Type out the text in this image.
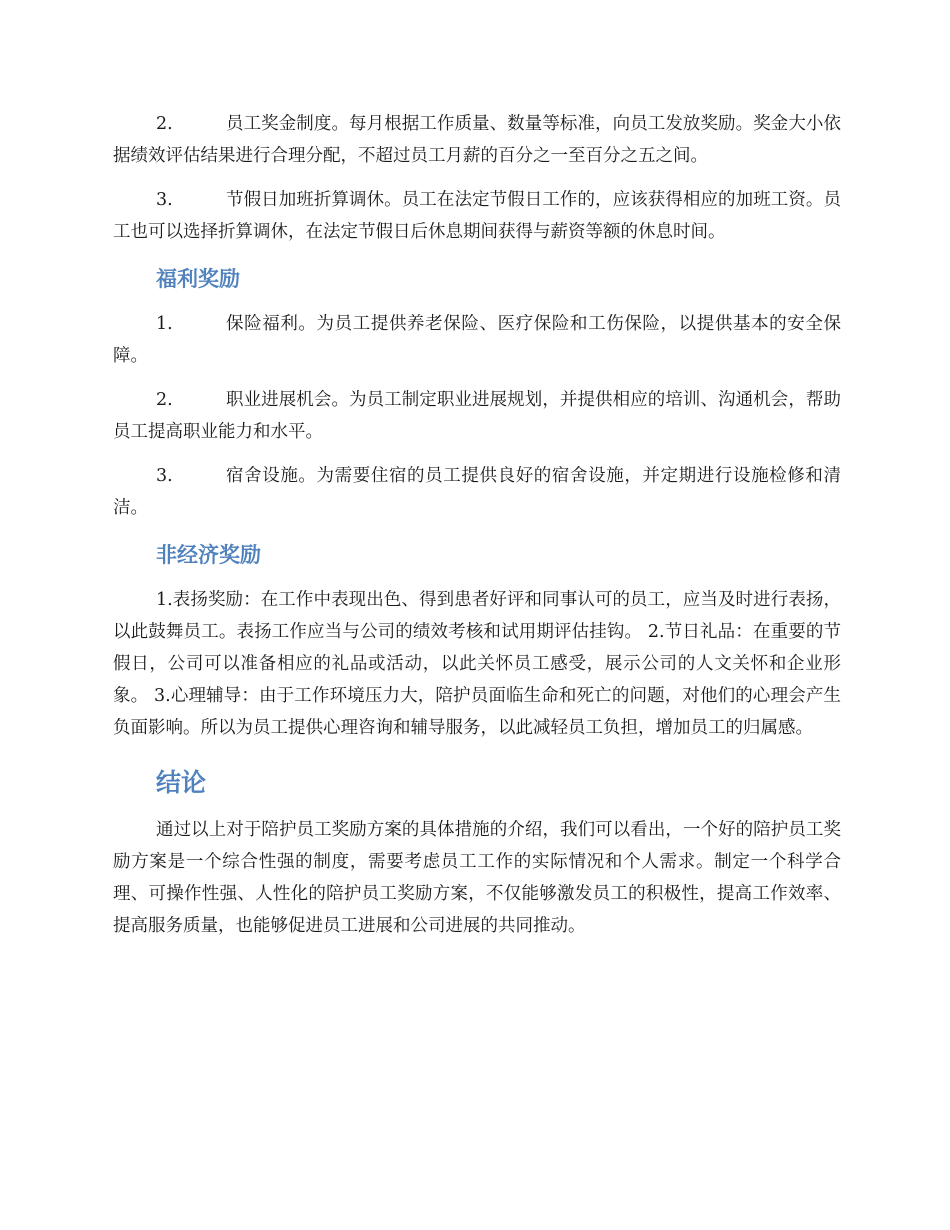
2.	员工奖金制度。每月根据工作质量、数量等标准，向员工发放奖励。奖金大小依据绩效评估结果进行合理分配，不超过员工月薪的百分之一至百分之五之间。
3.	节假日加班折算调休。员工在法定节假日工作的，应该获得相应的加班工资。员工也可以选择折算调休，在法定节假日后休息期间获得与薪资等额的休息时间。
福利奖励
1.	保险福利。为员工提供养老保险、医疗保险和工伤保险，以提供基本的安全保障。
2.	职业进展机会。为员工制定职业进展规划，并提供相应的培训、沟通机会，帮助员工提高职业能力和水平。
3.	宿舍设施。为需要住宿的员工提供良好的宿舍设施，并定期进行设施检修和清洁。
非经济奖励

1.表扬奖励：在工作中表现出色、得到患者好评和同事认可的员工，应当及时进行表扬，以此鼓舞员工。表扬工作应当与公司的绩效考核和试用期评估挂钩。 2.节日礼品：在重要的节假日，公司可以准备相应的礼品或活动，以此关怀员工感受，展示公司的人文关怀和企业形象。 3.心理辅导：由于工作环境压力大，陪护员面临生命和死亡的问题，对他们的心理会产生负面影响。所以为员工提供心理咨询和辅导服务，以此减轻员工负担，增加员工的归属感。

结论

通过以上对于陪护员工奖励方案的具体措施的介绍，我们可以看出，一个好的陪护员工奖励方案是一个综合性强的制度，需要考虑员工工作的实际情况和个人需求。制定一个科学合理、可操作性强、人性化的陪护员工奖励方案，不仅能够激发员工的积极性，提高工作效率、提高服务质量，也能够促进员工进展和公司进展的共同推动。
